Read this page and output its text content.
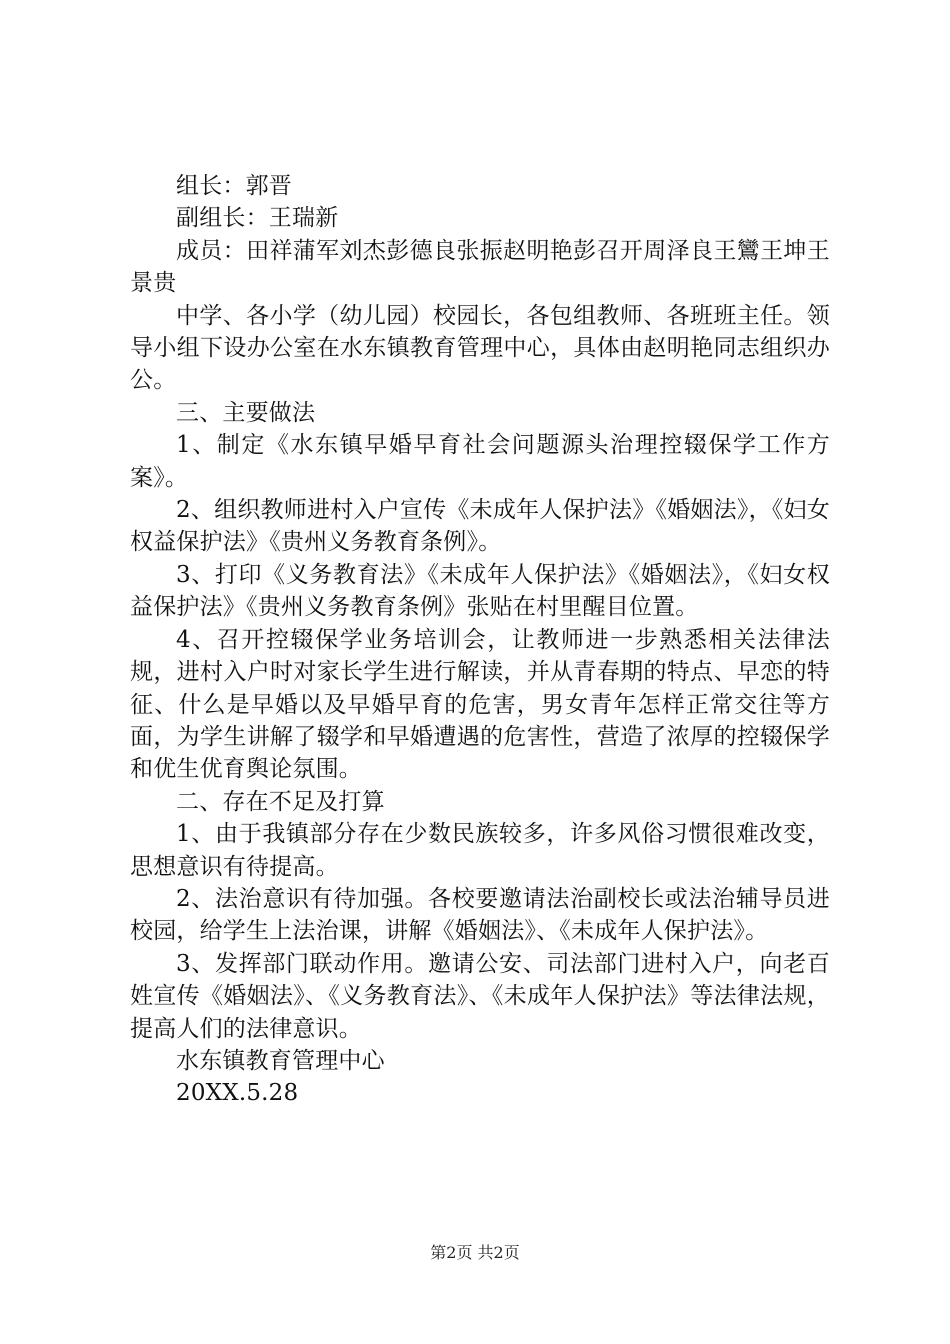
组长：郭晋

副组长：王瑞新

成员：田祥蒲军刘杰彭德良张振赵明艳彭召开周泽良王鸞王坤王景贵

中学、各小学（幼儿园）校园长，各包组教师、各班班主任。领导小组下设办公室在水东镇教育管理中心，具体由赵明艳同志组织办公。

三、主要做法

1、制定《水东镇早婚早育社会问题源头治理控辍保学工作方案》。

2、组织教师进村入户宣传《未成年人保护法》《婚姻法》，《妇女权益保护法》《贵州义务教育条例》。

3、打印《义务教育法》《未成年人保护法》《婚姻法》，《妇女权益保护法》《贵州义务教育条例》张贴在村里醒目位置。

4、召开控辍保学业务培训会，让教师进一步熟悉相关法律法规，进村入户时对家长学生进行解读，并从青春期的特点、早恋的特征、什么是早婚以及早婚早育的危害，男女青年怎样正常交往等方面，为学生讲解了辍学和早婚遭遇的危害性，营造了浓厚的控辍保学和优生优育舆论氛围。

二、存在不足及打算

1、由于我镇部分存在少数民族较多，许多风俗习惯很难改变，思想意识有待提高。

2、法治意识有待加强。各校要邀请法治副校长或法治辅导员进校园，给学生上法治课，讲解《婚姻法》、《未成年人保护法》。

3、发挥部门联动作用。邀请公安、司法部门进村入户，向老百姓宣传《婚姻法》、《义务教育法》、《未成年人保护法》等法律法规，提高人们的法律意识。

水东镇教育管理中心

20XX.5.28

第2页 共2页
